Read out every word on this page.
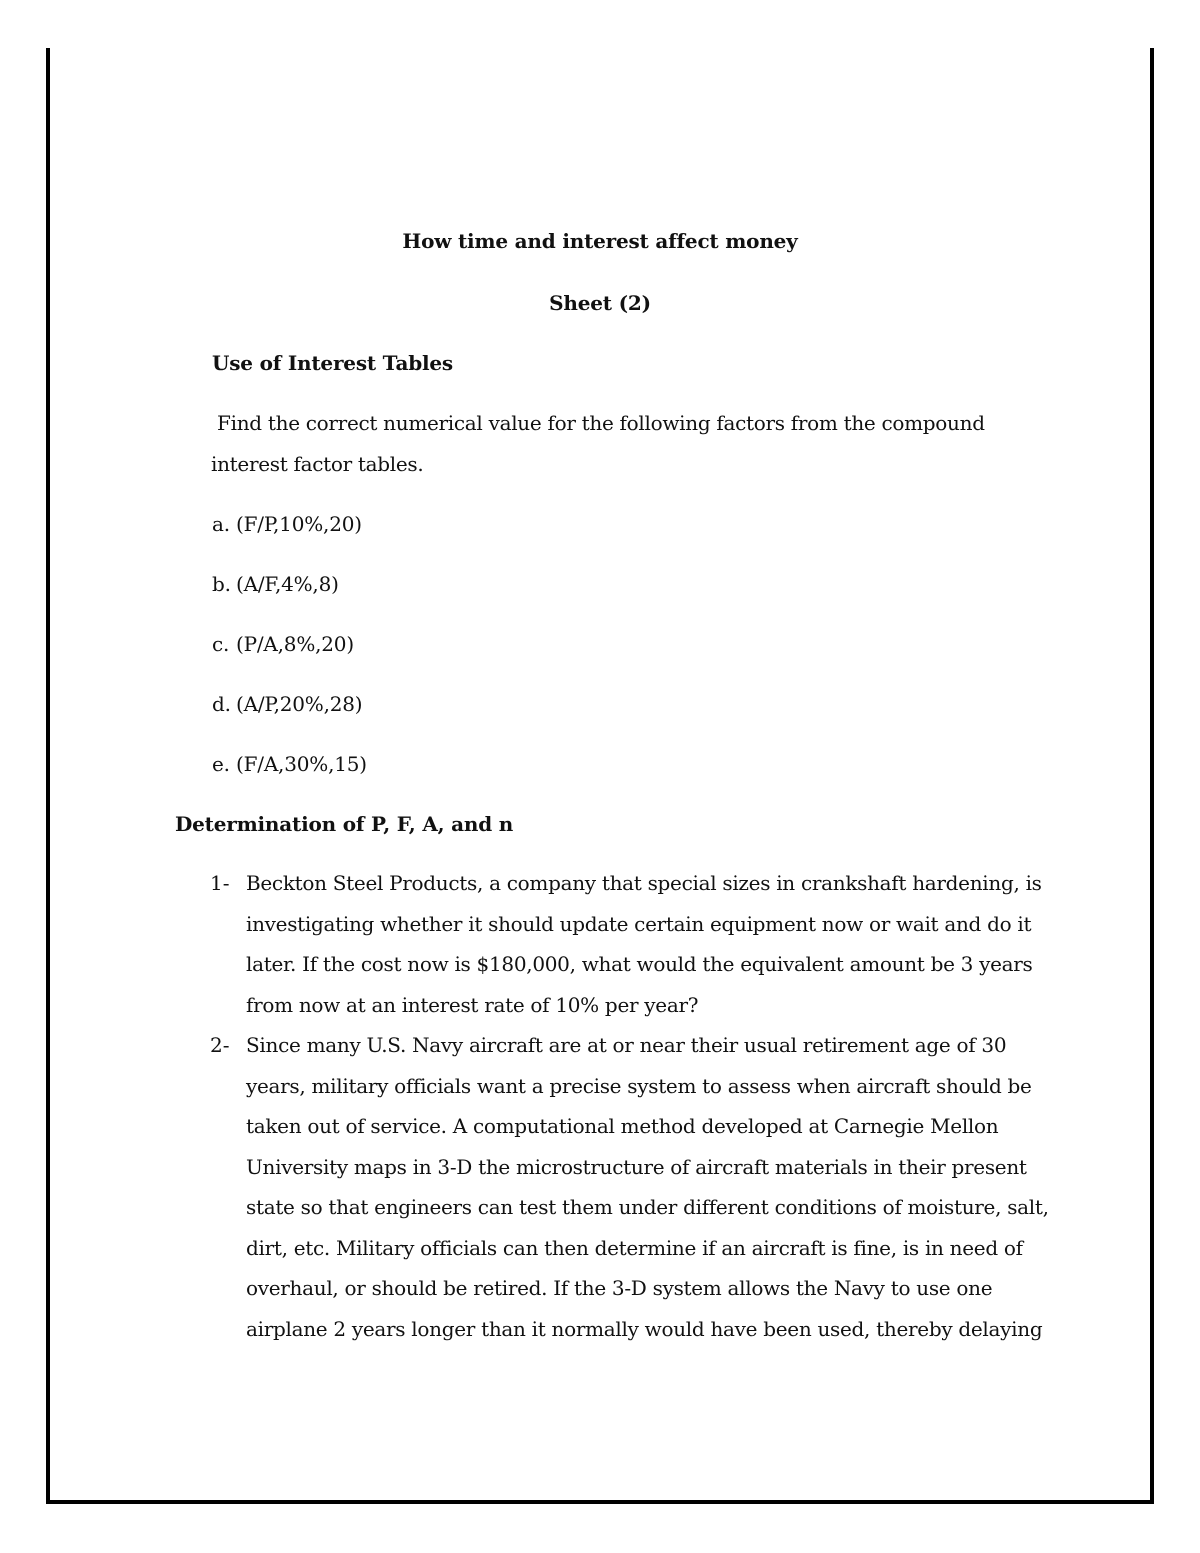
How time and interest affect money
Sheet (2)
Use of Interest Tables
Find the correct numerical value for the following factors from the compound
interest factor tables.
a. (F/P,10%,20)
b. (A/F,4%,8)
c. (P/A,8%,20)
d. (A/P,20%,28)
e. (F/A,30%,15)
Determination of P, F, A, and n
1- Beckton Steel Products, a company that special sizes in crankshaft hardening, is
investigating whether it should update certain equipment now or wait and do it
later. If the cost now is $180,000, what would the equivalent amount be 3 years
from now at an interest rate of 10% per year?
2- Since many U.S. Navy aircraft are at or near their usual retirement age of 30
years, military officials want a precise system to assess when aircraft should be
taken out of service. A computational method developed at Carnegie Mellon
University maps in 3-D the microstructure of aircraft materials in their present
state so that engineers can test them under different conditions of moisture, salt,
dirt, etc. Military officials can then determine if an aircraft is fine, is in need of
overhaul, or should be retired. If the 3-D system allows the Navy to use one
airplane 2 years longer than it normally would have been used, thereby delaying
